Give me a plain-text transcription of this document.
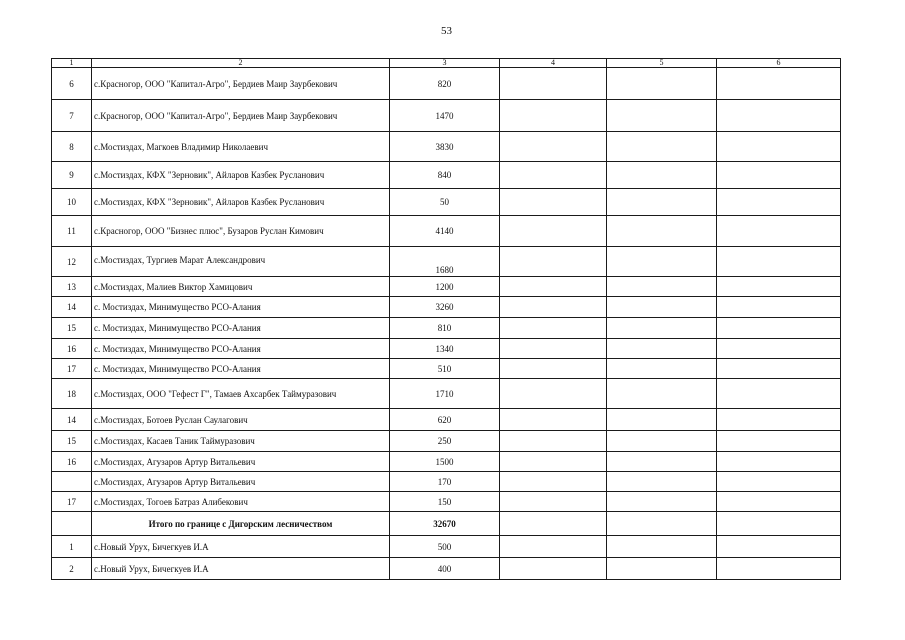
53
1	2	3	4	5	6
6	с.Красногор, ООО "Капитал-Агро", Бердиев Маир Заурбекович	820			
7	с.Красногор, ООО "Капитал-Агро", Бердиев Маир Заурбекович	1470			
8	с.Мостиздах, Магкоев Владимир Николаевич	3830			
9	с.Мостиздах, КФХ "Зерновик", Айларов Казбек Русланович	840			
10	с.Мостиздах, КФХ "Зерновик", Айларов Казбек Русланович	50			
11	с.Красногор, ООО "Бизнес плюс", Бузаров Руслан Кимович	4140			
12	с.Мостиздах, Тургиев Марат Александрович	1680			
13	с.Мостиздах, Малиев Виктор Хамицович	1200			
14	с. Мостиздах, Минимущество РСО-Алания	3260			
15	с. Мостиздах, Минимущество РСО-Алания	810			
16	с. Мостиздах, Минимущество РСО-Алания	1340			
17	с. Мостиздах, Минимущество РСО-Алания	510			
18	с.Мостиздах, ООО "Гефест Г", Тамаев Ахсарбек Таймуразович	1710			
14	с.Мостиздах, Ботоев Руслан Саулагович	620			
15	с.Мостиздах, Касаев Таник Таймуразович	250			
16	с.Мостиздах, Агузаров Артур Витальевич	1500			
	с.Мостиздах, Агузаров Артур Витальевич	170			
17	с.Мостиздах, Тогоев Батраз Алибекович	150			
	Итого по границе с Дигорским лесничеством	32670			
1	с.Новый Урух, Бичегкуев И.А	500			
2	с.Новый Урух, Бичегкуев И.А	400			
